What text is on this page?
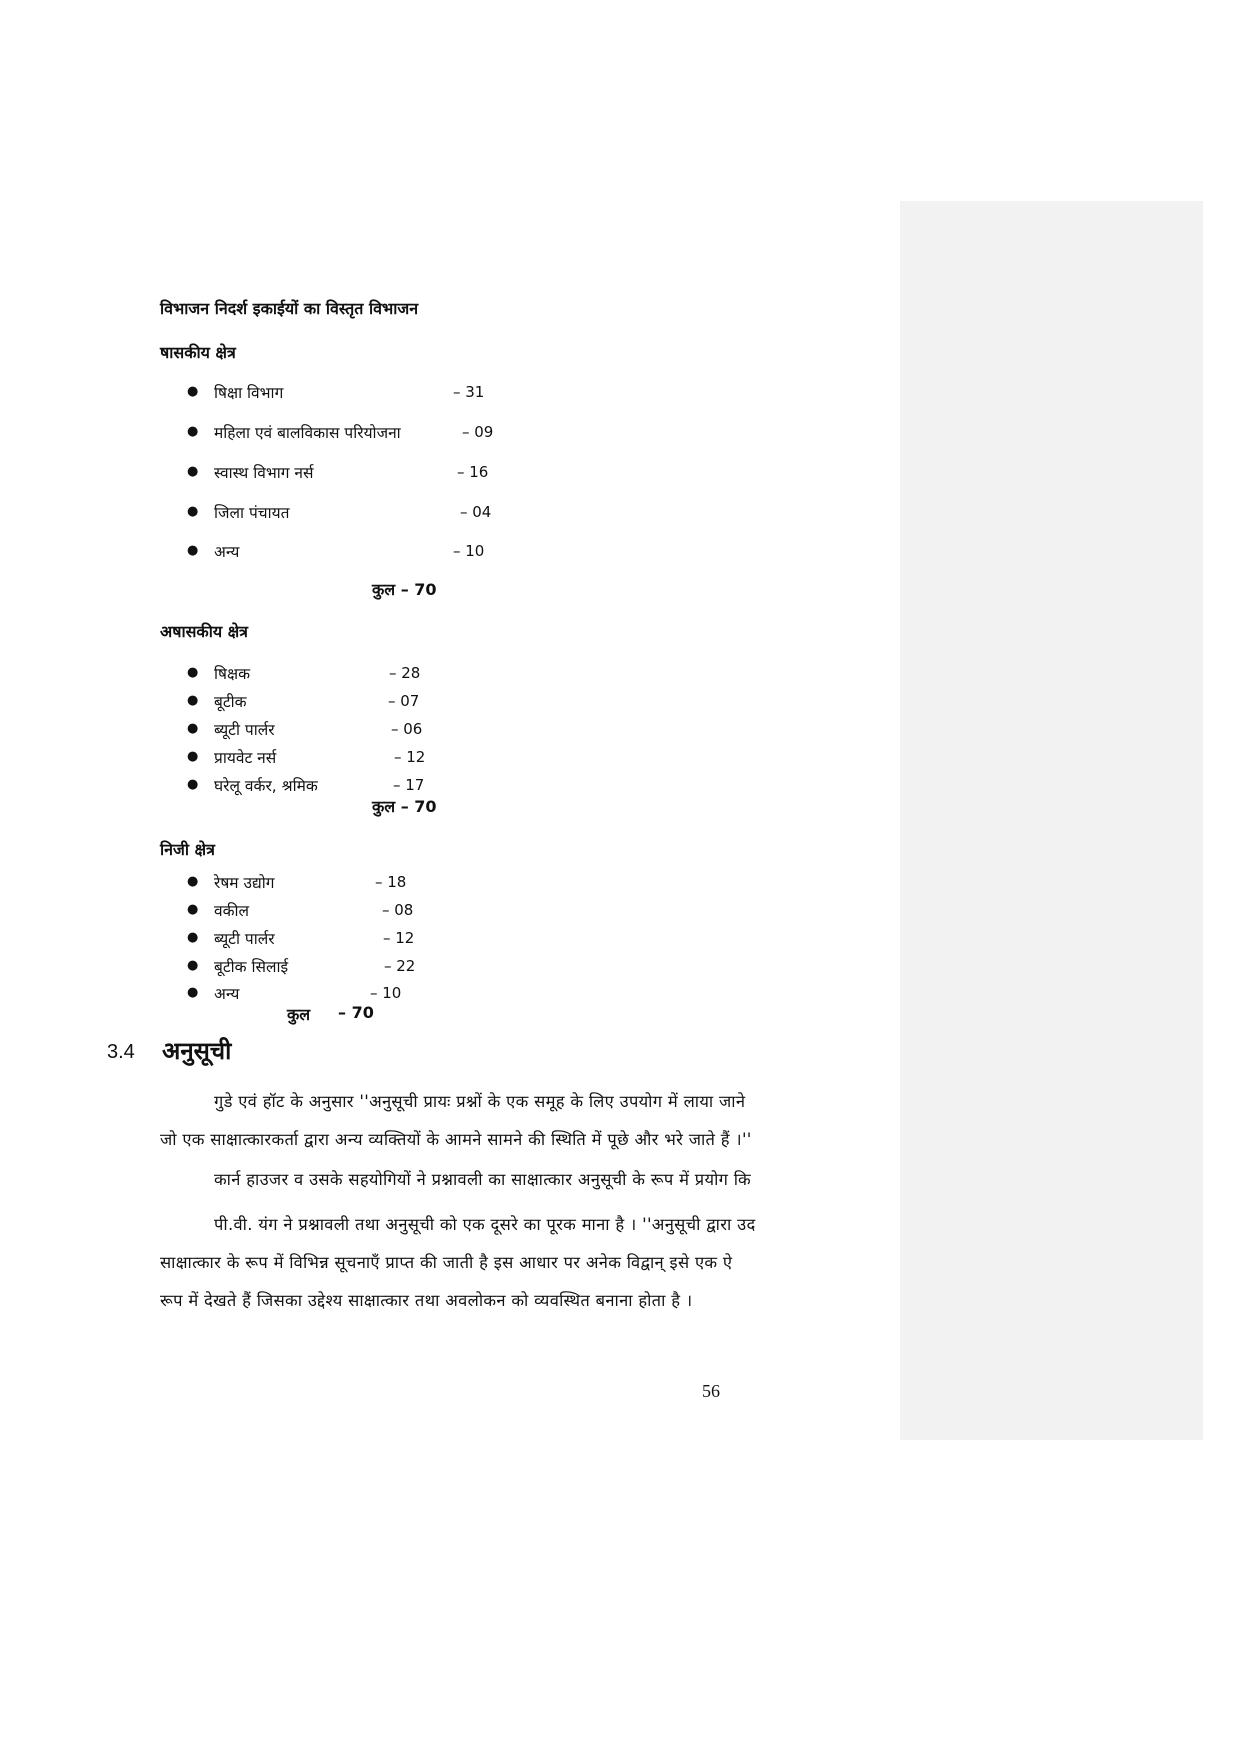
विभाजन निदर्श इकाईयों का विस्तृत विभाजन
षासकीय क्षेत्र
● षिक्षा विभाग	– 31
● महिला एवं बालविकास परियोजना	– 09
● स्वास्थ विभाग नर्स	– 16
● जिला पंचायत	– 04
● अन्य	– 10
कुल – 70
अषासकीय क्षेत्र
● षिक्षक	– 28
● बूटीक	– 07
● ब्यूटी पार्लर	– 06
● प्रायवेट नर्स	– 12
● घरेलू वर्कर, श्रमिक	– 17
कुल – 70
निजी क्षेत्र
● रेषम उद्योग	– 18
● वकील	– 08
● ब्यूटी पार्लर	– 12
● बूटीक सिलाई	– 22
● अन्य	– 10
कुल – 70
3.4 अनुसूची
गुडे एवं हॉट के अनुसार ''अनुसूची प्रायः प्रश्नों के एक समूह के लिए उपयोग में लाया जाने
जो एक साक्षात्कारकर्ता द्वारा अन्य व्यक्तियों के आमने सामने की स्थिति में पूछे और भरे जाते हैं ।''
कार्न हाउजर व उसके सहयोगियों ने प्रश्नावली का साक्षात्कार अनुसूची के रूप में प्रयोग कि
पी.वी. यंग ने प्रश्नावली तथा अनुसूची को एक दूसरे का पूरक माना है । ''अनुसूची द्वारा उद
साक्षात्कार के रूप में विभिन्न सूचनाऍं प्राप्त की जाती है इस आधार पर अनेक विद्वान् इसे एक ऐ
रूप में देखते हैं जिसका उद्देश्य साक्षात्कार तथा अवलोकन को व्यवस्थित बनाना होता है ।
56
